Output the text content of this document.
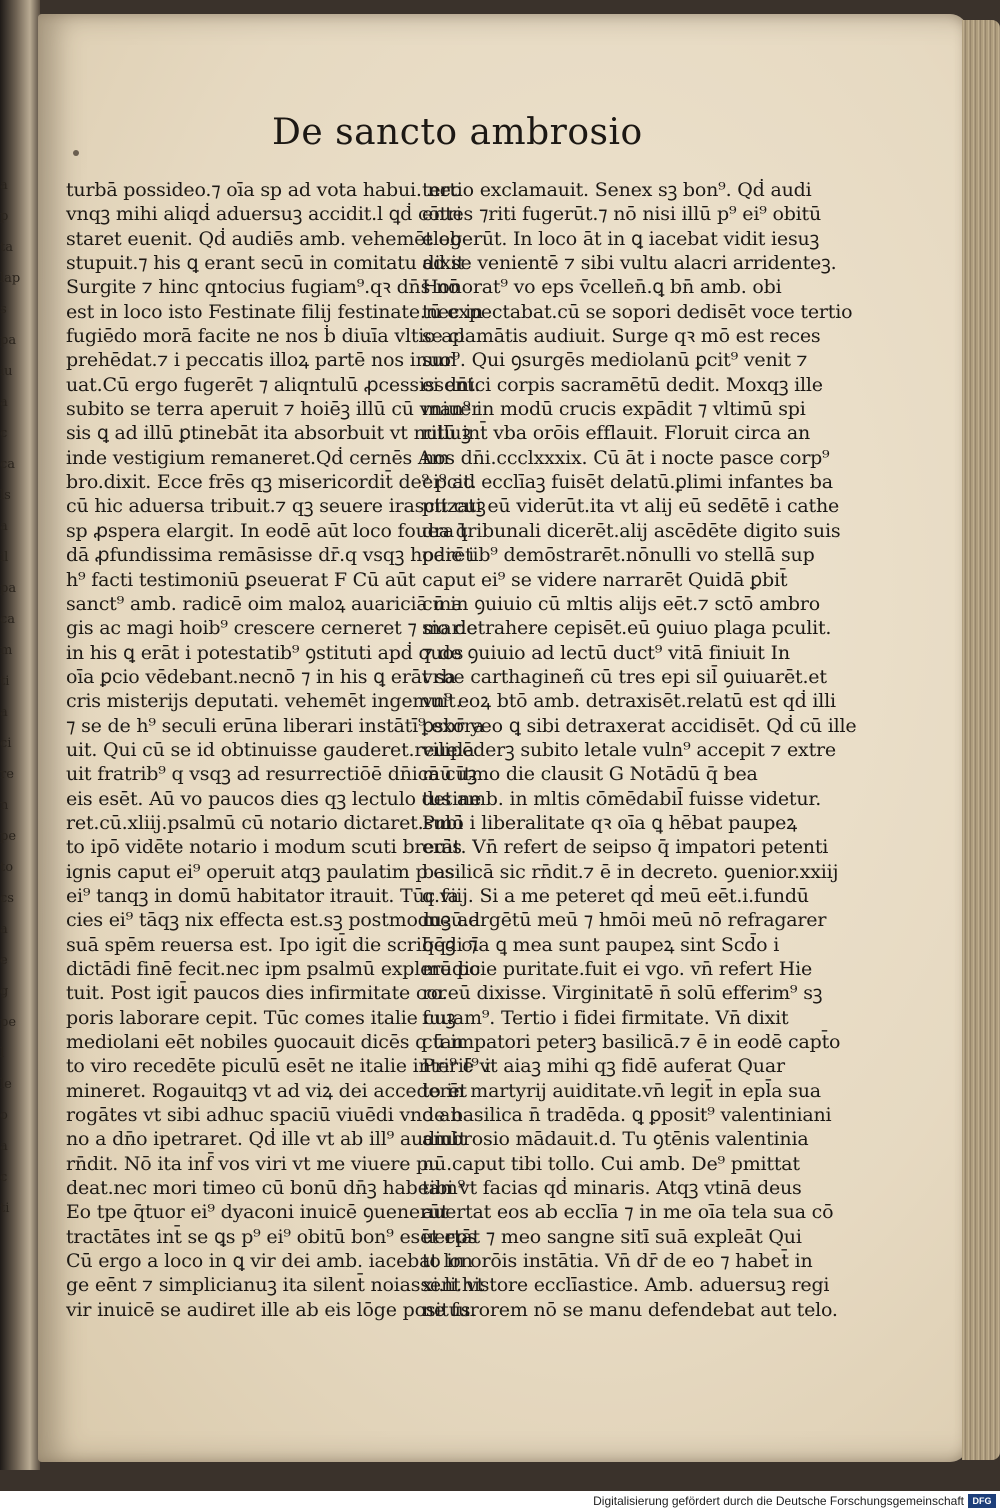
a
p
ta
lap
s
pa
iu
a
c
ca
ls
a
il
pa
ca
m
ti
a
ci
re
n
pe
to
cs
a
e
g
pe
l
le
o
a
c
ti
De sancto ambrosio
turbā possideo.⁊ oīa sp ad vota habui. nec
vnqꝫ mihi aliqḋ aduersuꝫ accidit.l ꝗḋ cōtri
staret euenit. Qḋ audiēs amb. vehemēt ob
stupuit.⁊ his ꝗ erant secū in comitatu dixit
Surgite ⁊ hinc qntocius fugiam⁹.qꝛ dn̄s nō
est in loco isto Festinate filij festinate.nec in
fugiēdo morā facite ne nos ḃ diuīa vltio ap
prehēdat.⁊ i peccatis illoꝝ partē nos inuol
uat.Cū ergo fugerēt ⁊ aliqntulū ꝓcessissent.
subito se terra aperuit ⁊ hoiēꝫ illū cū vniuer
sis ꝗ ad illū ꝑtinebāt ita absorbuit vt nulluꝫ
inde vestigium remaneret.Qḋ cernēs Am
bro.dixit. Ecce frēs qꝫ misericordit̄ de⁹ pcit.
cū hic aduersa tribuit.⁊ qꝫ seuere irascit cuꝫ
sp ꝓspera elargit. In eodē aūt loco fouea q̄
dā ꝓfundissima remāsisse dr̄.q vsqꝫ hodie i
h⁹ facti testimoniū ꝑseuerat F Cū aūt
sanct⁹ amb. radicē oim maloꝝ auariciā ma
gis ac magi hoib⁹ crescere cerneret ⁊ marie
in his ꝗ erāt i potestatib⁹ ꝯstituti apḋ quos
oīa ꝑcio vēdebant.necnō ⁊ in his ꝗ erāt sa
cris misterijs deputati. vehemēt ingemuit.
⁊ se de h⁹ seculi erūna liberari instātī⁹ exora
uit. Qui cū se id obtinuisse gauderet.reuela
uit fratrib⁹ q vsqꝫ ad resurrectiōē dn̄icā cuꝫ
eis esēt. Aū vo paucos dies qꝫ lectulo detine
ret.cū.xliij.psalmū cū notario dictaret.subi
to ipō vidēte notario i modum scuti breuis
ignis caput ei⁹ operuit atqꝫ paulatim p os
ei⁹ tanqꝫ in domū habitator itrauit. Tūc fa
cies ei⁹ tāqꝫ nix effecta est.sꝫ postmoduꝫ ad
suā spēm reuersa est. Ipo igit̄ die scribēdi ⁊
dictādi finē fecit.nec ipm psalmū explere po
tuit. Post igit̄ paucos dies infirmitate cor
poris laborare cepit. Tūc comes italie cuꝫ
mediolani eēt nobiles ꝯuocauit dicēs q tan
to viro recedēte piculū esēt ne italie interit⁹ i
mineret. Rogauitqꝫ vt ad viꝝ dei accederēt
rogātes vt sibi adhuc spaciū viuēdi vno an
no a dn̄o ipetraret. Qḋ ille vt ab ill⁹ audiuit
rn̄dit. Nō ita inf̄ vos viri vt me viuere pu
deat.nec mori timeo cū bonū dn̄ꝫ habeam⁹
Eo tpe q̄tuor ei⁹ dyaconi inuicē ꝯuenerūt
tractātes int̄ se ꝗs p⁹ ei⁹ obitū bon⁹ esēt eps
Cū ergo a loco in ꝗ vir dei amb. iacebat lon
ge eēnt ⁊ simplicianuꝫ ita silent̄ noiassent vt
vir inuicē se audiret ille ab eis lōge positus.
tertio exclamauit. Senex sꝫ bon⁹. Qḋ audi
entes ⁊riti fugerūt.⁊ nō nisi illū p⁹ ei⁹ obitū
elegerūt. In loco āt in ꝗ iacebat vidit iesuꝫ
ad se venientē ⁊ sibi vultu alacri arridenteꝫ.
Honorat⁹ vo eps v̄cellen̄.ꝗ bn̄ amb. obi
tū expectabat.cū se sopori dedisēt voce tertio
se clamātis audiuit. Surge qꝛ mō est reces
sur⁹. Qui ꝯsurgēs mediolanū ꝑcit⁹ venit ⁊
ei dn̄ici corpis sacramētū dedit. Moxqꝫ ille
man⁹ in modū crucis expādit ⁊ vltimū spi
ritū int̄ vba orōis efflauit. Floruit circa an
nos dn̄i.ccclxxxix. Cū āt i nocte pasce corp⁹
ei⁹ ad ecclīaꝫ fuisēt delatū.ꝑlimi infantes ba
ptizati eū viderūt.ita vt alij eū sedētē i cathe
dra tribunali dicerēt.alij ascēdēte digito suis
parētib⁹ demōstrarēt.nōnulli vo stellā sup
caput ei⁹ se videre narrarēt Quidā ꝑbit̄
cū in ꝯuiuio cū mltis alijs eēt.⁊ sctō ambro
sio detrahere cepisēt.eū ꝯuiuo plaga pculit.
⁊ de ꝯuiuio ad lectū duct⁹ vitā finiuit In
vrbe carthagineñ cū tres epi sil̄ ꝯuiuarēt.et
vn⁹ eoꝝ btō amb. detraxisēt.relatū est qḋ illi
ꝑsbr̄ yeo ꝗ sibi detraxerat accidisēt. Qḋ cū ille
vilipēderꝫ subito letale vuln⁹ accepit ⁊ extre
mū ītmo die clausit G Notādū q̄ bea
tus amb. in mltis cōmēdabil̄ fuisse videtur.
Pmō i liberalitate qꝛ oīa ꝗ hēbat paupeꝝ
erāt. Vn̄ refert de seipso q̄ impatori petenti
basilicā sic rn̄dit.⁊ ē in decreto. ꝯuenior.xxiij
q.viij. Si a me peteret qḋ meū eēt.i.fundū
meū.argētū meū ⁊ hmōi meū nō refragarer
q̄qꝫ oīa ꝗ mea sunt paupeꝝ sint Scd̄o i
mūdicie puritate.fuit ei vgo. vn̄ refert Hie
ro.eū dixisse. Virginitatē n̄ solū efferim⁹ sꝫ
fuuam⁹. Tertio i fidei firmitate. Vn̄ dixit
cū impatori peterꝫ basilicā.⁊ ē in eodē capt̄o
Pri⁹ ē vt aiaꝫ mihi qꝫ fidē auferat Quar
to in martyrij auiditate.vn̄ legit̄ in epl̄a sua
de basilica n̄ tradēda. ꝗ ꝑposit⁹ valentiniani
ambrosio mādauit.d. Tu ꝯtēnis valentinia
nū.caput tibi tollo. Cui amb. De⁹ pmittat
tibi vt facias qḋ minaris. Atqꝫ vtinā deus
auertat eos ab ecclīa ⁊ in me oīa tela sua cō
uertāt ⁊ meo sangne sitī suā expleāt Qui
to in orōis instātia. Vn̄ dr̄ de eo ⁊ habet̄ in
xi.li.histore ecclīastice. Amb. aduersuꝫ regi
ne furorem nō se manu defendebat aut telo.
Digitalisierung gefördert durch die Deutsche Forschungsgemeinschaft DFG
